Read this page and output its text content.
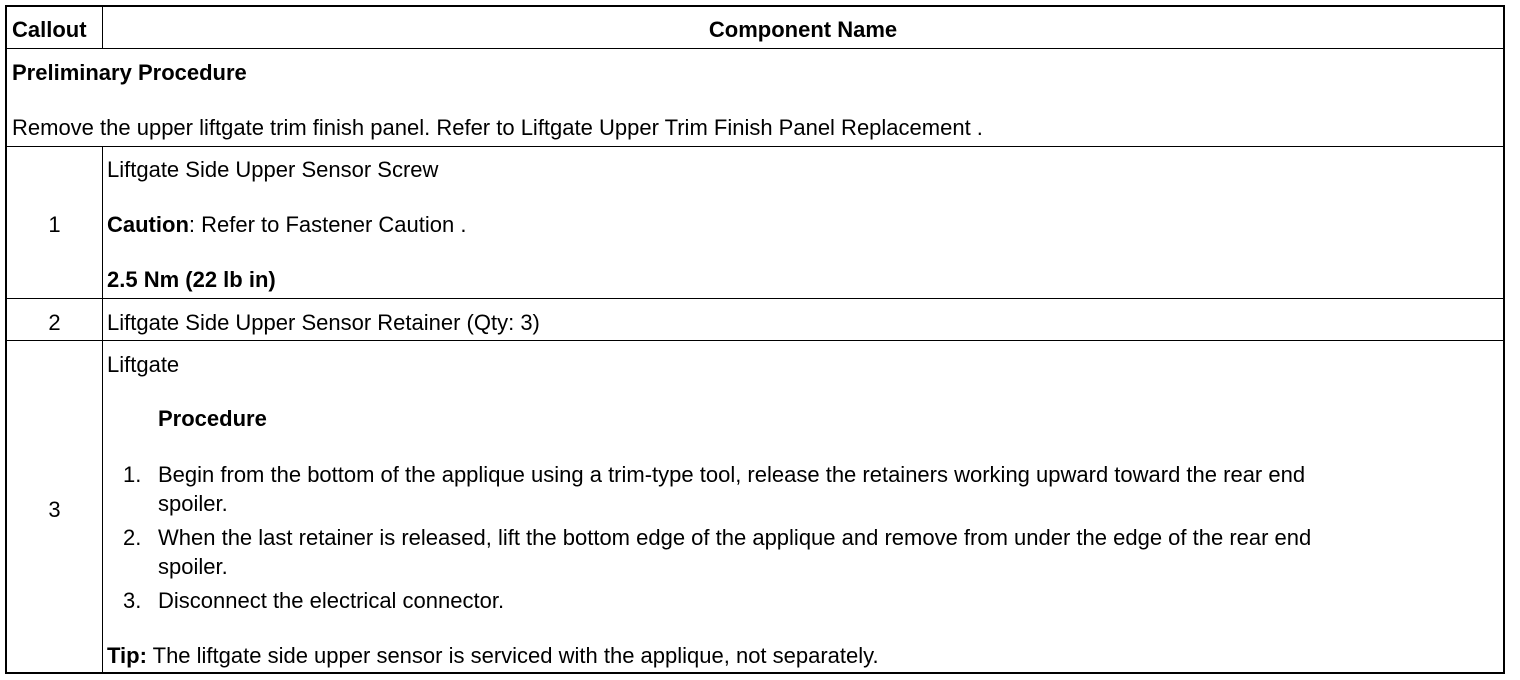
Callout	Component Name
Preliminary Procedure
Remove the upper liftgate trim finish panel. Refer to Liftgate Upper Trim Finish Panel Replacement .
1
Liftgate Side Upper Sensor Screw
Caution: Refer to Fastener Caution .
2.5 Nm (22 lb in)
2	Liftgate Side Upper Sensor Retainer (Qty: 3)
3
Liftgate
Procedure
1. Begin from the bottom of the applique using a trim-type tool, release the retainers working upward toward the rear end
spoiler.
2. When the last retainer is released, lift the bottom edge of the applique and remove from under the edge of the rear end
spoiler.
3. Disconnect the electrical connector.
Tip: The liftgate side upper sensor is serviced with the applique, not separately.
